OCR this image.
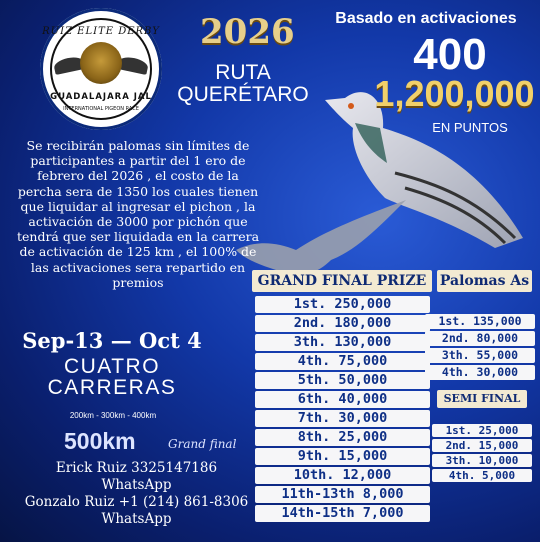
RUIZ ELITE DERBY
GUADALAJARA JAL
INTERNATIONAL PIGEON RACE
2026
RUTA
QUERÉTARO
Basado en activaciones
400
1,200,000
EN PUNTOS
Se recibirán palomas sin límites de participantes a partir del 1 ero de febrero del 2026 , el costo de la percha sera de 1350 los cuales tienen que liquidar al ingresar el pichon , la activación de 3000 por pichón que tendrá que ser liquidada en la carrera de activación de 125 km , el 100% de las activaciones sera repartido en premios
Sep-13 — Oct 4
CUATRO
CARRERAS
200km - 300km - 400km
500km	Grand final
Erick Ruiz 3325147186
WhatsApp
Gonzalo Ruiz +1 (214) 861-8306
WhatsApp
GRAND FINAL PRIZE Palomas As
1st. 250,000
2nd. 180,000
3th. 130,000
4th. 75,000
5th. 50,000
6th. 40,000
7th. 30,000
8th. 25,000
9th. 15,000
10th. 12,000
11th-13th 8,000
14th-15th 7,000
1st. 135,000
2nd. 80,000
3th. 55,000
4th. 30,000
SEMI FINAL
1st. 25,000
2nd. 15,000
3th. 10,000
4th. 5,000
